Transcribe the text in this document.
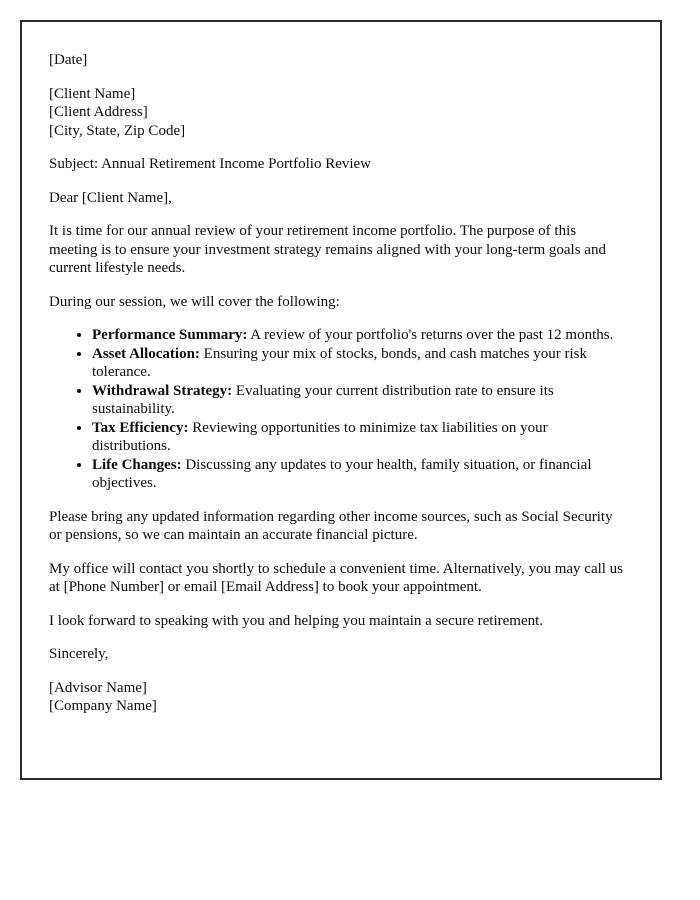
[Date]

[Client Name]
[Client Address]
[City, State, Zip Code]

Subject: Annual Retirement Income Portfolio Review

Dear [Client Name],

It is time for our annual review of your retirement income portfolio. The purpose of this meeting is to ensure your investment strategy remains aligned with your long-term goals and current lifestyle needs.

During our session, we will cover the following:

• Performance Summary: A review of your portfolio's returns over the past 12 months.
• Asset Allocation: Ensuring your mix of stocks, bonds, and cash matches your risk tolerance.
• Withdrawal Strategy: Evaluating your current distribution rate to ensure its sustainability.
• Tax Efficiency: Reviewing opportunities to minimize tax liabilities on your distributions.
• Life Changes: Discussing any updates to your health, family situation, or financial objectives.

Please bring any updated information regarding other income sources, such as Social Security or pensions, so we can maintain an accurate financial picture.

My office will contact you shortly to schedule a convenient time. Alternatively, you may call us at [Phone Number] or email [Email Address] to book your appointment.

I look forward to speaking with you and helping you maintain a secure retirement.

Sincerely,

[Advisor Name]
[Company Name]
